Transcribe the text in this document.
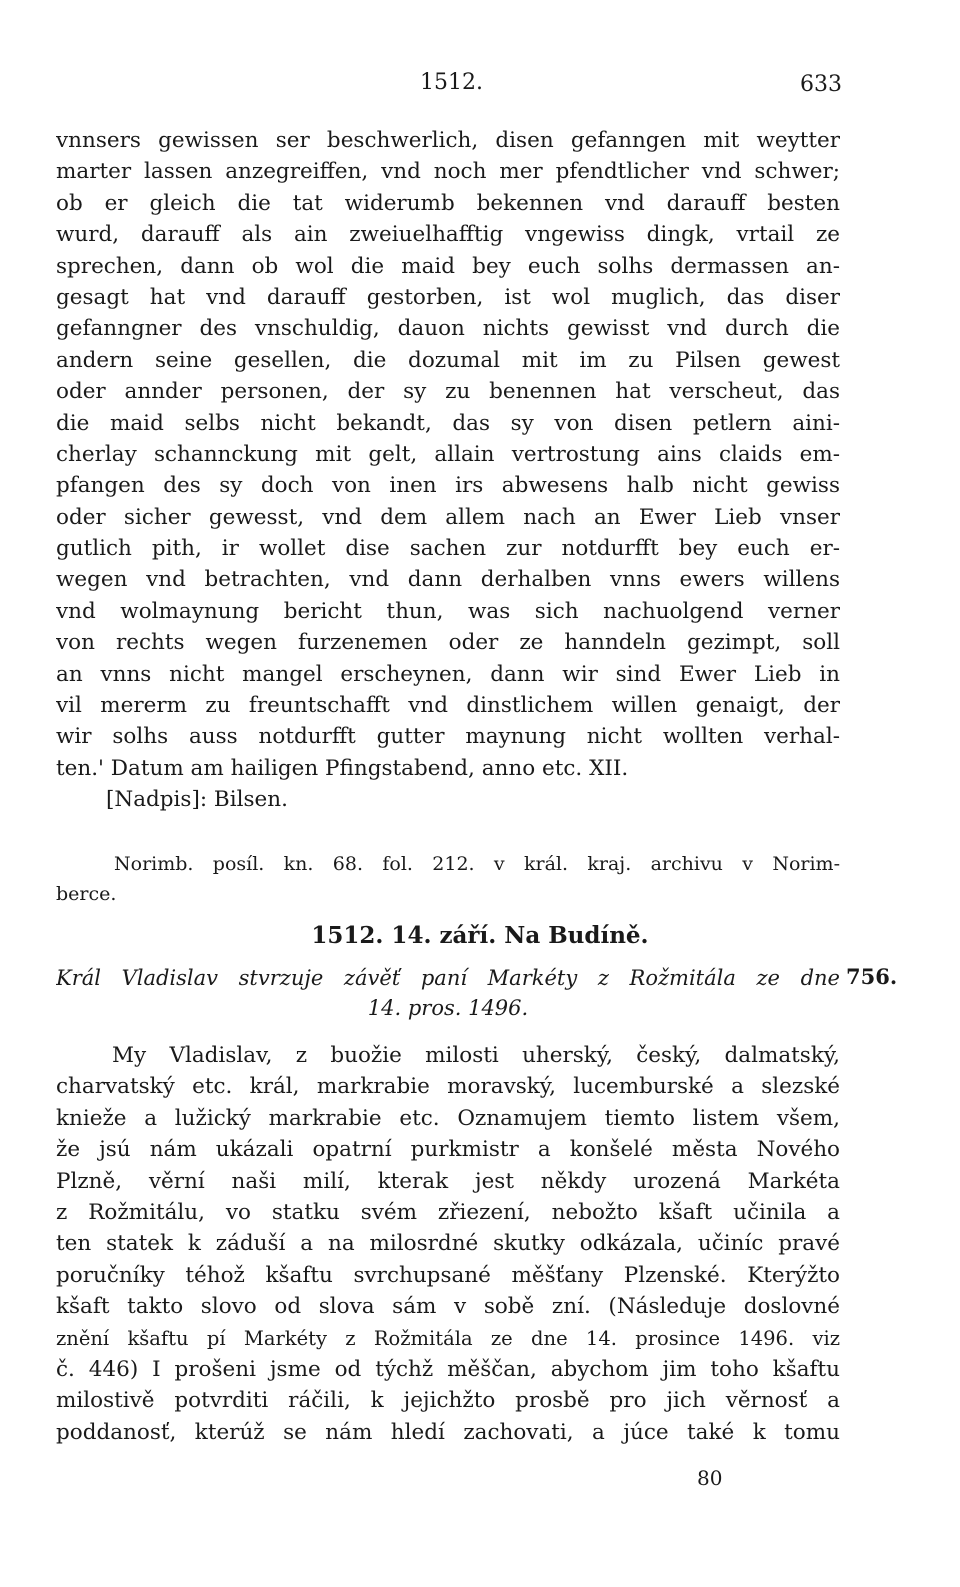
1512.	633
vnnsers gewissen ser beschwerlich, disen gefanngen mit weytter
marter lassen anzegreiffen, vnd noch mer pfendtlicher vnd schwer;
ob er gleich die tat widerumb bekennen vnd darauff besten
wurd, darauff als ain zweiuelhafftig vngewiss dingk, vrtail ze
sprechen, dann ob wol die maid bey euch solhs dermassen an-
gesagt hat vnd darauff gestorben, ist wol muglich, das diser
gefanngner des vnschuldig, dauon nichts gewisst vnd durch die
andern seine gesellen, die dozumal mit im zu Pilsen gewest
oder annder personen, der sy zu benennen hat verscheut, das
die maid selbs nicht bekandt, das sy von disen petlern aini-
cherlay schannckung mit gelt, allain vertrostung ains claids em-
pfangen des sy doch von inen irs abwesens halb nicht gewiss
oder sicher gewesst, vnd dem allem nach an Ewer Lieb vnser
gutlich pith, ir wollet dise sachen zur notdurfft bey euch er-
wegen vnd betrachten, vnd dann derhalben vnns ewers willens
vnd wolmaynung bericht thun, was sich nachuolgend verner
von rechts wegen furzenemen oder ze hanndeln gezimpt, soll
an vnns nicht mangel erscheynen, dann wir sind Ewer Lieb in
vil mererm zu freuntschafft vnd dinstlichem willen genaigt, der
wir solhs auss notdurfft gutter maynung nicht wollten verhal-
ten.' Datum am hailigen Pfingstabend, anno etc. XII.
[Nadpis]: Bilsen.
Norimb. posíl. kn. 68. fol. 212. v král. kraj. archivu v Norim-
berce.
1512. 14. září. Na Budíně.
Král Vladislav stvrzuje závěť paní Markéty z Rožmitála ze dne
14. pros. 1496.
756.
My Vladislav, z buožie milosti uherský, český, dalmatský,
charvatský etc. král, markrabie moravský, lucemburské a slezské
knieže a lužický markrabie etc. Oznamujem tiemto listem všem,
že jsú nám ukázali opatrní purkmistr a konšelé města Nového
Plzně, věrní naši milí, kterak jest někdy urozená Markéta
z Rožmitálu, vo statku svém zřiezení, nebožto kšaft učinila a
ten statek k záduší a na milosrdné skutky odkázala, učiníc pravé
poručníky téhož kšaftu svrchupsané měšťany Plzenské. Kterýžto
kšaft takto slovo od slova sám v sobě zní. (Následuje doslovné
znění kšaftu pí Markéty z Rožmitála ze dne 14. prosince 1496. viz
č. 446) I prošeni jsme od týchž měščan, abychom jim toho kšaftu
milostivě potvrditi ráčili, k jejichžto prosbě pro jich věrnosť a
poddanosť, kterúž se nám hledí zachovati, a júce také k tomu
80
